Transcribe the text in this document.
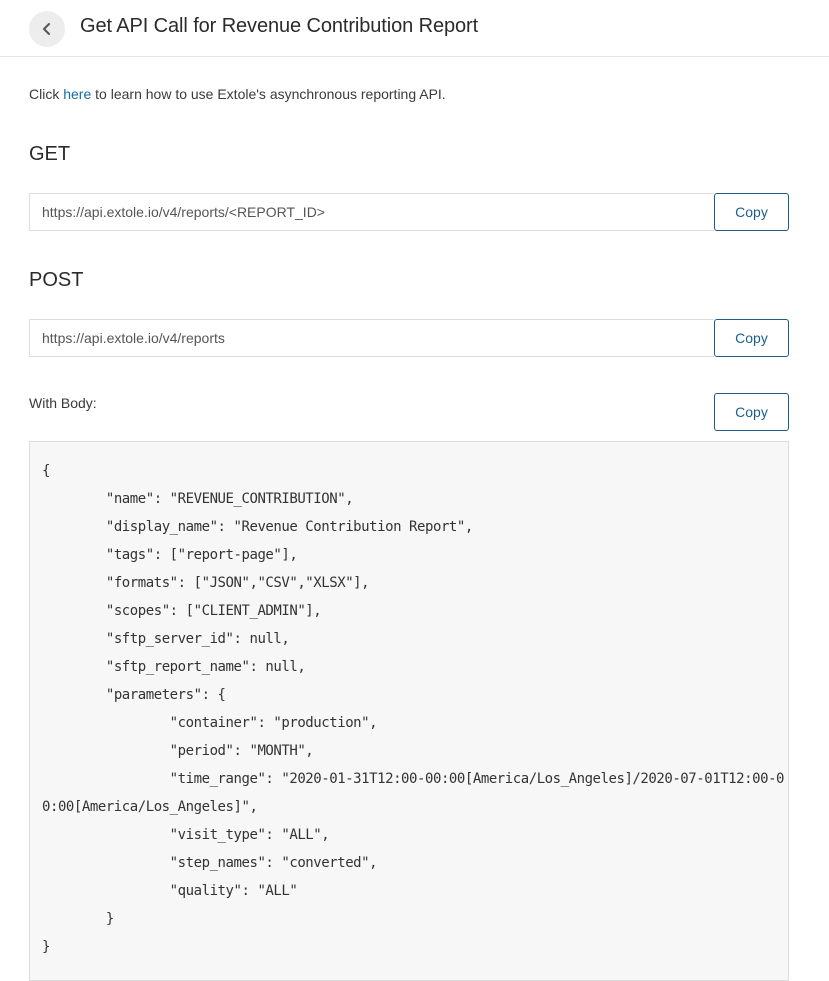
Get API Call for Revenue Contribution Report
Click here to learn how to use Extole's asynchronous reporting API.
GET
https://api.extole.io/v4/reports/<REPORT_ID>
Copy
POST
https://api.extole.io/v4/reports
Copy
With Body:
Copy
{
	"name": "REVENUE_CONTRIBUTION",
	"display_name": "Revenue Contribution Report",
	"tags": ["report-page"],
	"formats": ["JSON","CSV","XLSX"],
	"scopes": ["CLIENT_ADMIN"],
	"sftp_server_id": null,
	"sftp_report_name": null,
	"parameters": {
		"container": "production",
		"period": "MONTH",
		"time_range": "2020-01-31T12:00-00:00[America/Los_Angeles]/2020-07-01T12:00-00:00[America/Los_Angeles]",
		"visit_type": "ALL",
		"step_names": "converted",
		"quality": "ALL"
	}
}
